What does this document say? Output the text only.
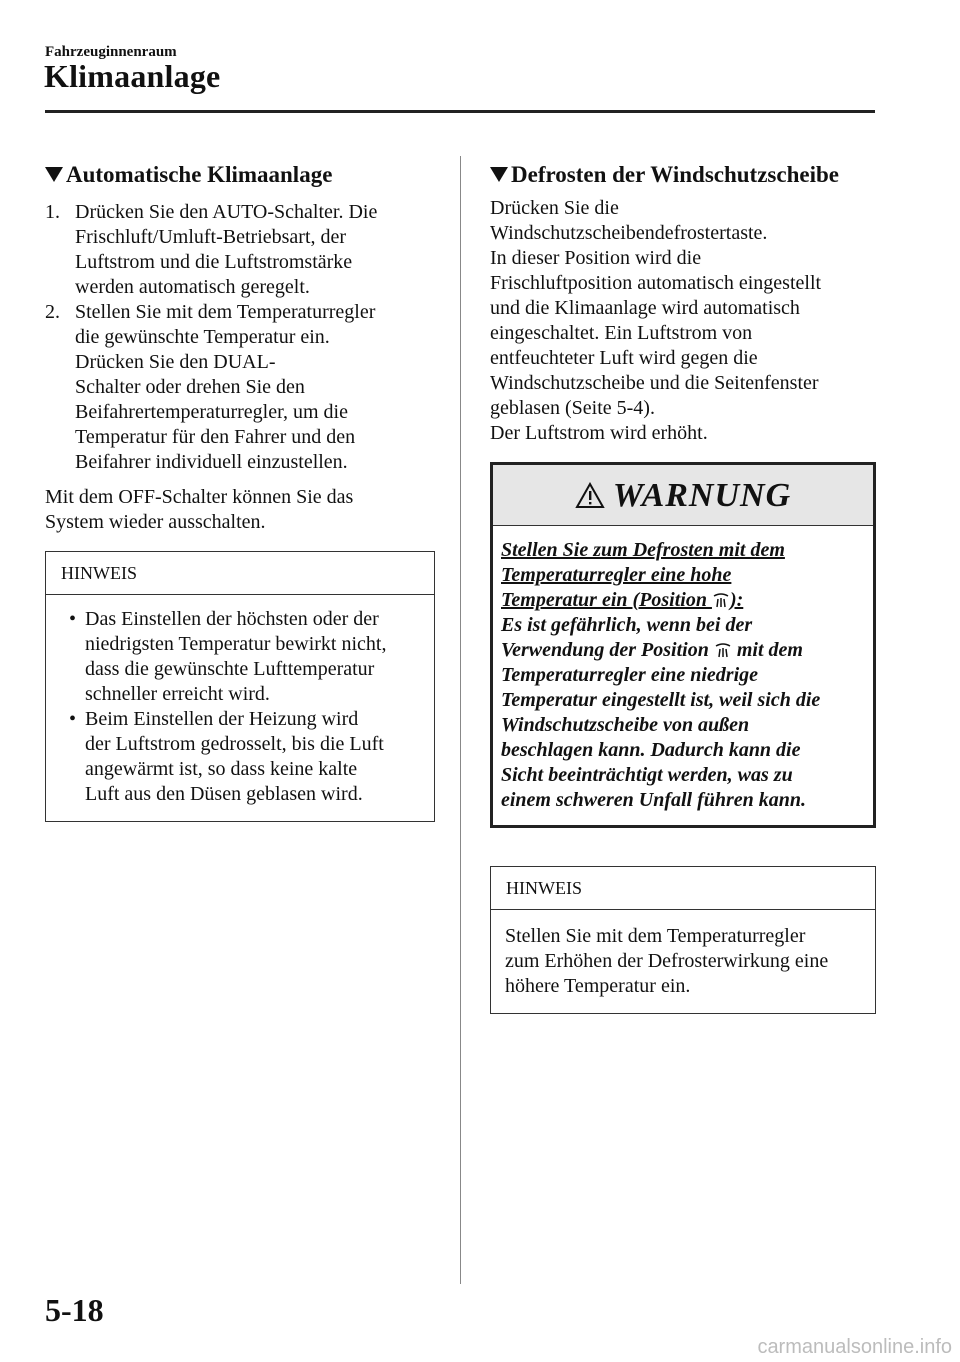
Fahrzeuginnenraum
Klimaanlage
Automatische Klimaanlage
1. Drücken Sie den AUTO-Schalter. Die
Frischluft/Umluft-Betriebsart, der
Luftstrom und die Luftstromstärke
werden automatisch geregelt.
2. Stellen Sie mit dem Temperaturregler
die gewünschte Temperatur ein.
Drücken Sie den DUAL-
Schalter oder drehen Sie den
Beifahrertemperaturregler, um die
Temperatur für den Fahrer und den
Beifahrer individuell einzustellen.
Mit dem OFF-Schalter können Sie das
System wieder ausschalten.
HINWEIS
• Das Einstellen der höchsten oder der
niedrigsten Temperatur bewirkt nicht,
dass die gewünschte Lufttemperatur
schneller erreicht wird.
• Beim Einstellen der Heizung wird
der Luftstrom gedrosselt, bis die Luft
angewärmt ist, so dass keine kalte
Luft aus den Düsen geblasen wird.
Defrosten der Windschutzscheibe
Drücken Sie die
Windschutzscheibendefrostertaste.
In dieser Position wird die
Frischluftposition automatisch eingestellt
und die Klimaanlage wird automatisch
eingeschaltet. Ein Luftstrom von
entfeuchteter Luft wird gegen die
Windschutzscheibe und die Seitenfenster
geblasen (Seite 5-4).
Der Luftstrom wird erhöht.
WARNUNG
Stellen Sie zum Defrosten mit dem
Temperaturregler eine hohe
Temperatur ein (Position ):
Es ist gefährlich, wenn bei der
Verwendung der Position  mit dem
Temperaturregler eine niedrige
Temperatur eingestellt ist, weil sich die
Windschutzscheibe von außen
beschlagen kann. Dadurch kann die
Sicht beeinträchtigt werden, was zu
einem schweren Unfall führen kann.
HINWEIS
Stellen Sie mit dem Temperaturregler
zum Erhöhen der Defrosterwirkung eine
höhere Temperatur ein.
5-18
carmanualsonline.info
